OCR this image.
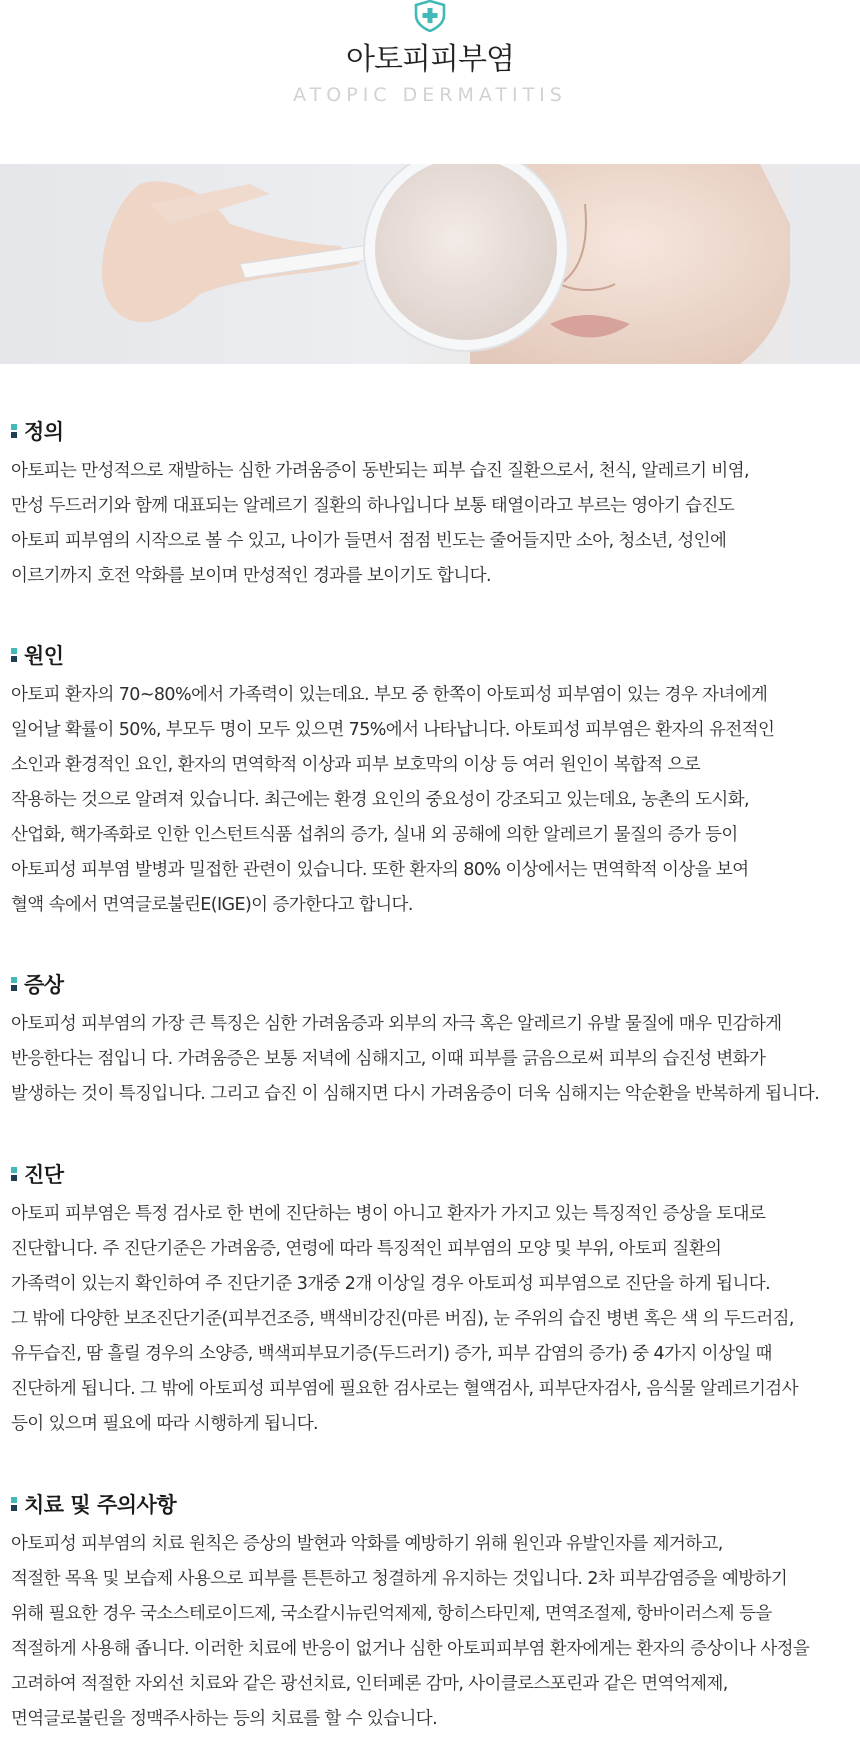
아토피피부염
ATOPIC DERMATITIS
정의
아토피는 만성적으로 재발하는 심한 가려움증이 동반되는 피부 습진 질환으로서, 천식, 알레르기 비염,
만성 두드러기와 함께 대표되는 알레르기 질환의 하나입니다 보통 태열이라고 부르는 영아기 습진도
아토피 피부염의 시작으로 볼 수 있고, 나이가 들면서 점점 빈도는 줄어들지만 소아, 청소년, 성인에
이르기까지 호전 악화를 보이며 만성적인 경과를 보이기도 합니다.
원인
아토피 환자의 70~80%에서 가족력이 있는데요. 부모 중 한쪽이 아토피성 피부염이 있는 경우 자녀에게
일어날 확률이 50%, 부모두 명이 모두 있으면 75%에서 나타납니다. 아토피성 피부염은 환자의 유전적인
소인과 환경적인 요인, 환자의 면역학적 이상과 피부 보호막의 이상 등 여러 원인이 복합적 으로
작용하는 것으로 알려져 있습니다. 최근에는 환경 요인의 중요성이 강조되고 있는데요, 농촌의 도시화,
산업화, 핵가족화로 인한 인스턴트식품 섭취의 증가, 실내 외 공해에 의한 알레르기 물질의 증가 등이
아토피성 피부염 발병과 밀접한 관련이 있습니다. 또한 환자의 80% 이상에서는 면역학적 이상을 보여
혈액 속에서 면역글로불린E(IGE)이 증가한다고 합니다.
증상
아토피성 피부염의 가장 큰 특징은 심한 가려움증과 외부의 자극 혹은 알레르기 유발 물질에 매우 민감하게
반응한다는 점입니 다. 가려움증은 보통 저녁에 심해지고, 이때 피부를 긁음으로써 피부의 습진성 변화가
발생하는 것이 특징입니다. 그리고 습진 이 심해지면 다시 가려움증이 더욱 심해지는 악순환을 반복하게 됩니다.
진단
아토피 피부염은 특정 검사로 한 번에 진단하는 병이 아니고 환자가 가지고 있는 특징적인 증상을 토대로
진단합니다. 주 진단기준은 가려움증, 연령에 따라 특징적인 피부염의 모양 및 부위, 아토피 질환의
가족력이 있는지 확인하여 주 진단기준 3개중 2개 이상일 경우 아토피성 피부염으로 진단을 하게 됩니다.
그 밖에 다양한 보조진단기준(피부건조증, 백색비강진(마른 버짐), 눈 주위의 습진 병변 혹은 색 의 두드러짐,
유두습진, 땀 흘릴 경우의 소양증, 백색피부묘기증(두드러기) 증가, 피부 감염의 증가) 중 4가지 이상일 때
진단하게 됩니다. 그 밖에 아토피성 피부염에 필요한 검사로는 혈액검사, 피부단자검사, 음식물 알레르기검사
등이 있으며 필요에 따라 시행하게 됩니다.
치료 및 주의사항
아토피성 피부염의 치료 원칙은 증상의 발현과 악화를 예방하기 위해 원인과 유발인자를 제거하고,
적절한 목욕 및 보습제 사용으로 피부를 튼튼하고 청결하게 유지하는 것입니다. 2차 피부감염증을 예방하기
위해 필요한 경우 국소스테로이드제, 국소칼시뉴린억제제, 항히스타민제, 면역조절제, 항바이러스제 등을
적절하게 사용해 좁니다. 이러한 치료에 반응이 없거나 심한 아토피피부염 환자에게는 환자의 증상이나 사정을
고려하여 적절한 자외선 치료와 같은 광선치료, 인터페론 감마, 사이클로스포린과 같은 면역억제제,
면역글로불린을 정맥주사하는 등의 치료를 할 수 있습니다.
